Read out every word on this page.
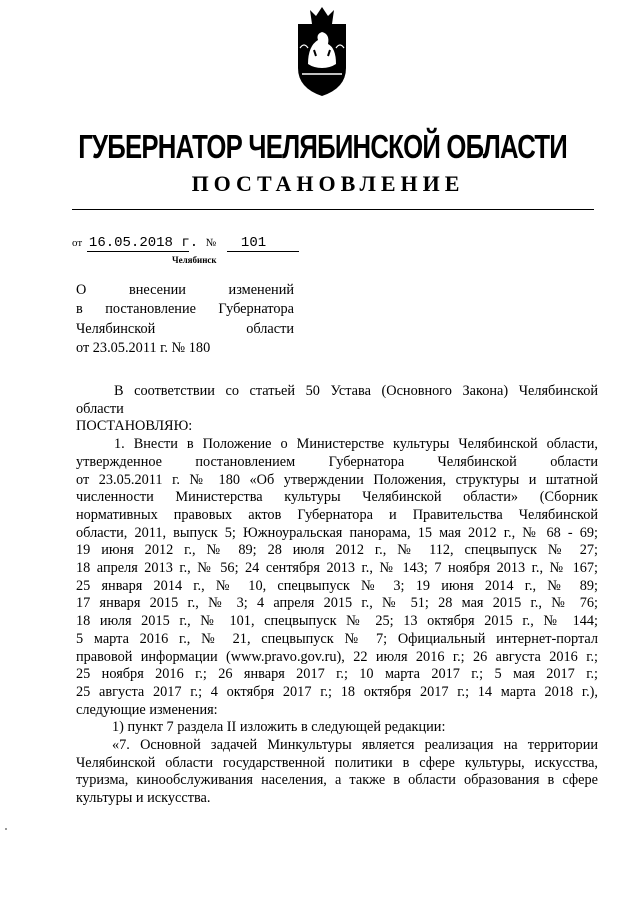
ГУБЕРНАТОР ЧЕЛЯБИНСКОЙ ОБЛАСТИ
ПОСТАНОВЛЕНИЕ
от 16.05.2018 г. № 101
Челябинск
О внесении изменений
в постановление Губернатора
Челябинской области
от 23.05.2011 г. № 180
В соответствии со статьей 50 Устава (Основного Закона) Челябинской
области
ПОСТАНОВЛЯЮ:
1. Внести в Положение о Министерстве культуры Челябинской области,
утвержденное постановлением Губернатора Челябинской области
от 23.05.2011 г. № 180 «Об утверждении Положения, структуры и штатной
численности Министерства культуры Челябинской области» (Сборник
нормативных правовых актов Губернатора и Правительства Челябинской
области, 2011, выпуск 5; Южноуральская панорама, 15 мая 2012 г., № 68 - 69;
19 июня 2012 г., № 89; 28 июля 2012 г., № 112, спецвыпуск № 27;
18 апреля 2013 г., № 56; 24 сентября 2013 г., № 143; 7 ноября 2013 г., № 167;
25 января 2014 г., № 10, спецвыпуск № 3; 19 июня 2014 г., № 89;
17 января 2015 г., № 3; 4 апреля 2015 г., № 51; 28 мая 2015 г., № 76;
18 июля 2015 г., № 101, спецвыпуск № 25; 13 октября 2015 г., № 144;
5 марта 2016 г., № 21, спецвыпуск № 7; Официальный интернет-портал
правовой информации (www.pravo.gov.ru), 22 июля 2016 г.; 26 августа 2016 г.;
25 ноября 2016 г.; 26 января 2017 г.; 10 марта 2017 г.; 5 мая 2017 г.;
25 августа 2017 г.; 4 октября 2017 г.; 18 октября 2017 г.; 14 марта 2018 г.),
следующие изменения:
1) пункт 7 раздела II изложить в следующей редакции:
«7. Основной задачей Минкультуры является реализация на территории
Челябинской области государственной политики в сфере культуры, искусства,
туризма, кинообслуживания населения, а также в области образования в сфере
культуры и искусства.
